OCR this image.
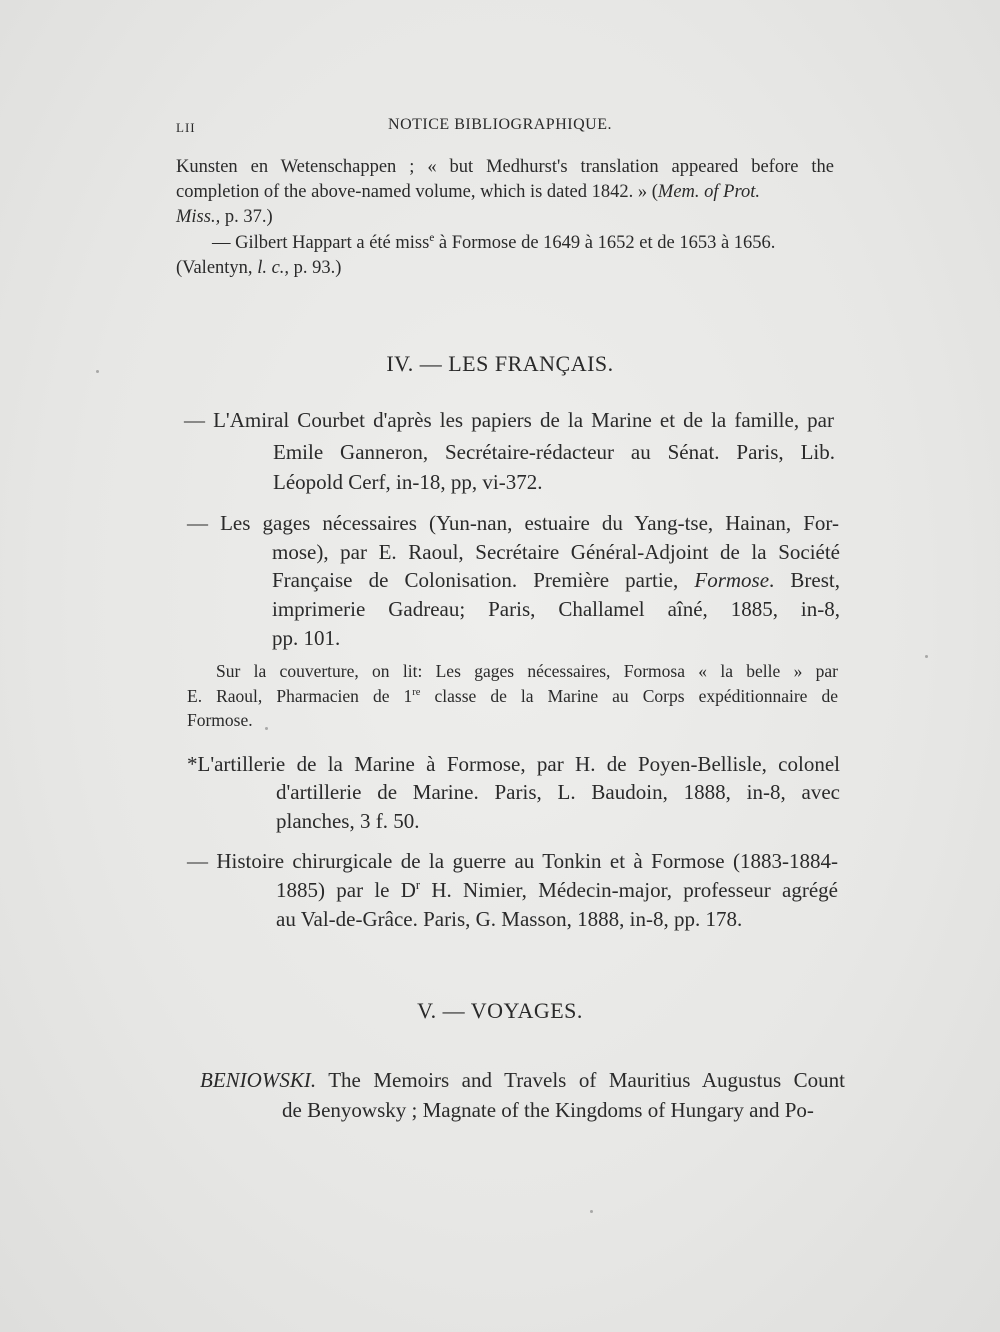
LII	NOTICE BIBLIOGRAPHIQUE.
Kunsten en Wetenschappen ; « but Medhurst's translation appeared before the
completion of the above-named volume, which is dated 1842. » (Mem. of Prot.
Miss., p. 37.)
— Gilbert Happart a été miss$^e$ à Formose de 1649 à 1652 et de 1653 à 1656.
(Valentyn, l. c., p. 93.)
IV. — LES FRANÇAIS.
— L'Amiral Courbet d'après les papiers de la Marine et de la famille, par
Emile Ganneron, Secrétaire-rédacteur au Sénat. Paris, Lib.
Léopold Cerf, in-18, pp, vi-372.
— Les gages nécessaires (Yun-nan, estuaire du Yang-tse, Hainan, For-
mose), par E. Raoul, Secrétaire Général-Adjoint de la Société
Française de Colonisation. Première partie, Formose. Brest,
imprimerie Gadreau; Paris, Challamel aîné, 1885, in-8,
pp. 101.
Sur la couverture, on lit: Les gages nécessaires, Formosa « la belle » par
E. Raoul, Pharmacien de 1re classe de la Marine au Corps expéditionnaire de
Formose.
*L'artillerie de la Marine à Formose, par H. de Poyen-Bellisle, colonel
d'artillerie de Marine. Paris, L. Baudoin, 1888, in-8, avec
planches, 3 f. 50.
— Histoire chirurgicale de la guerre au Tonkin et à Formose (1883-1884-
1885) par le $D^r$ H. Nimier, Médecin-major, professeur agrégé
au Val-de-Grâce. Paris, G. Masson, 1888, in-8, pp. 178.
V. — VOYAGES.
BENIOWSKI. The Memoirs and Travels of Mauritius Augustus Count
de Benyowsky ; Magnate of the Kingdoms of Hungary and Po-
